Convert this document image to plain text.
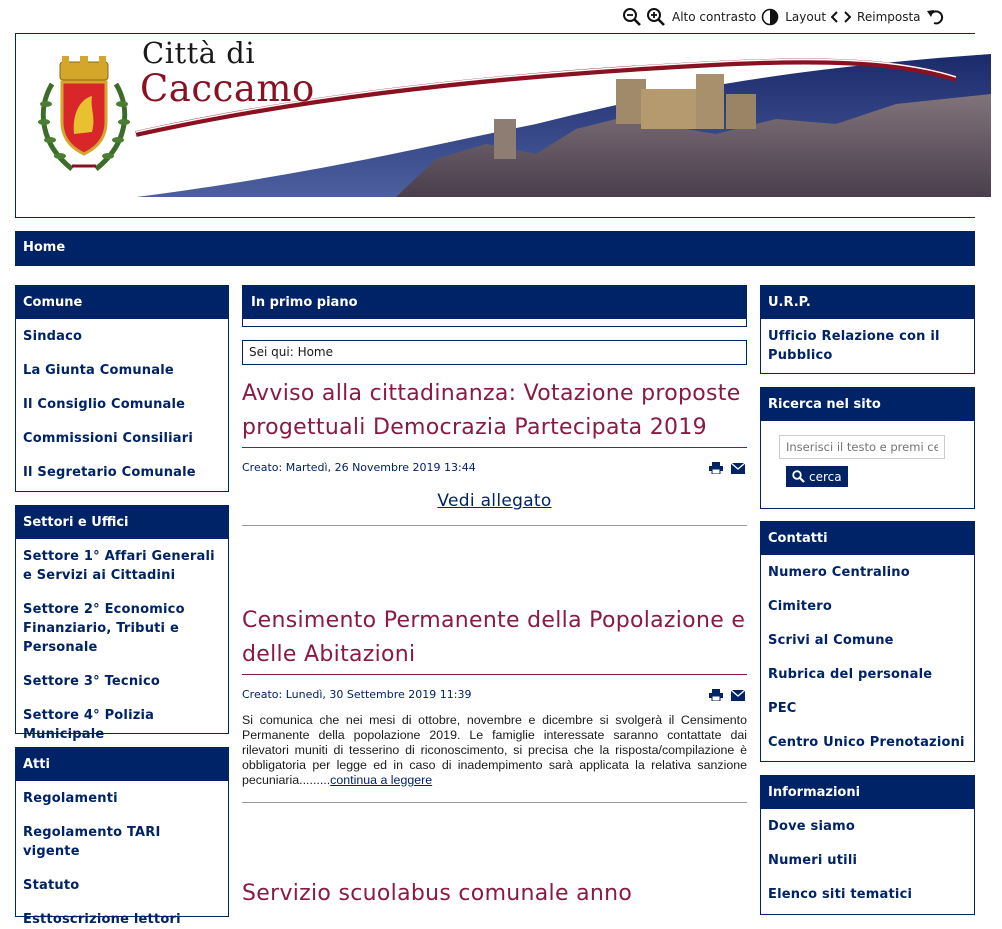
Alto contrasto Layout	Reimposta
Città di
Caccamo
Home
Comune
Sindaco
La Giunta Comunale
Il Consiglio Comunale
Commissioni Consiliari
Il Segretario Comunale
Settori e Uffici
Settore 1° Affari Generali e Servizi ai Cittadini
Settore 2° Economico Finanziario, Tributi e Personale
Settore 3° Tecnico
Settore 4° Polizia Municipale
Atti
Regolamenti
Regolamento TARI vigente
Statuto
Esttoscrizione lettori
In primo piano
Sei qui: Home
Avviso alla cittadinanza: Votazione proposte progettuali Democrazia Partecipata 2019
Creato: Martedì, 26 Novembre 2019 13:44
Vedi allegato
Censimento Permanente della Popolazione e delle Abitazioni
Creato: Lunedì, 30 Settembre 2019 11:39
Si comunica che nei mesi di ottobre, novembre e dicembre si svolgerà il Censimento Permanente della popolazione 2019. Le famiglie interessate saranno contattate dai rilevatori muniti di tesserino di riconoscimento, si precisa che la risposta/compilazione è obbligatoria per legge ed in caso di inadempimento sarà applicata la relativa sanzione pecuniaria.........continua a leggere
Servizio scuolabus comunale anno
U.R.P.
Ufficio Relazione con il Pubblico
Ricerca nel sito
Inserisci il testo e premi cerca
cerca
Contatti
Numero Centralino
Cimitero
Scrivi al Comune
Rubrica del personale
PEC
Centro Unico Prenotazioni
Informazioni
Dove siamo
Numeri utili
Elenco siti tematici
